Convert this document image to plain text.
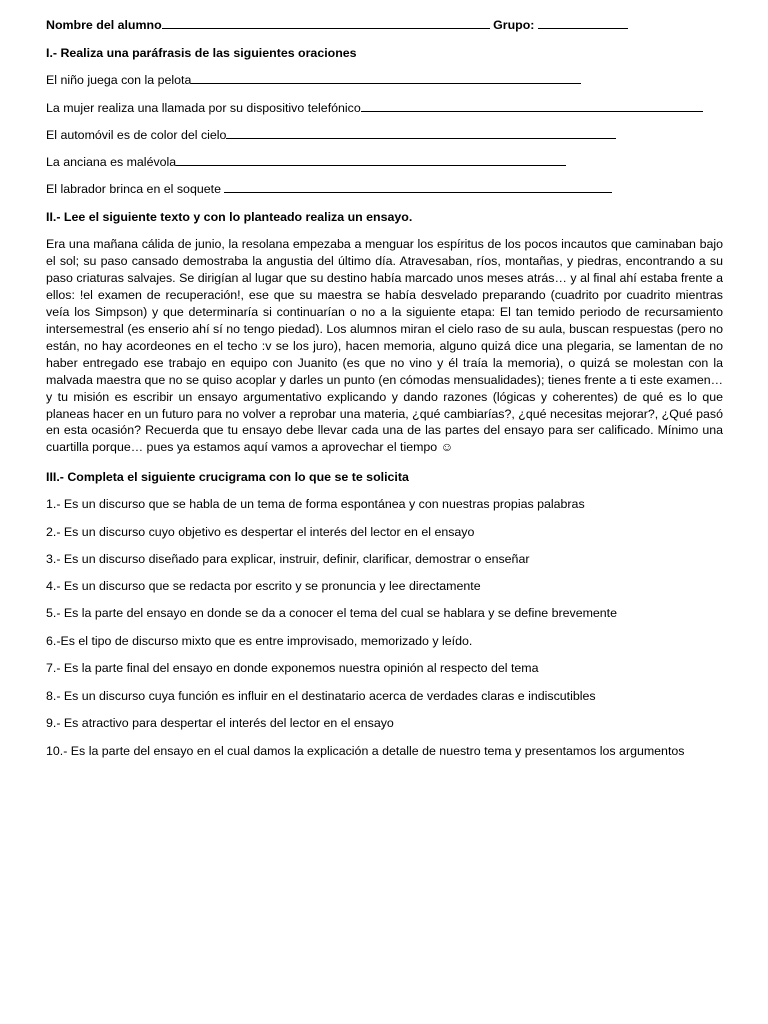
Nombre del alumno	Grupo:
I.- Realiza una paráfrasis de las siguientes oraciones
El niño juega con la pelota
La mujer realiza una llamada por su dispositivo telefónico
El automóvil es de color del cielo
La anciana es malévola
El labrador brinca en el soquete
II.- Lee el siguiente texto y con lo planteado realiza un ensayo.
Era una mañana cálida de junio, la resolana empezaba a menguar los espíritus de los pocos incautos que caminaban bajo el sol; su paso cansado demostraba la angustia del último día. Atravesaban, ríos, montañas, y piedras, encontrando a su paso criaturas salvajes. Se dirigían al lugar que su destino había marcado unos meses atrás… y al final ahí estaba frente a ellos: !el examen de recuperación!, ese que su maestra se había desvelado preparando (cuadrito por cuadrito mientras veía los Simpson) y que determinaría si continuarían o no a la siguiente etapa: El tan temido periodo de recursamiento intersemestral (es enserio ahí sí no tengo piedad). Los alumnos miran el cielo raso de su aula, buscan respuestas (pero no están, no hay acordeones en el techo :v se los juro), hacen memoria, alguno quizá dice una plegaria, se lamentan de no haber entregado ese trabajo en equipo con Juanito (es que no vino y él traía la memoria), o quizá se molestan con la malvada maestra que no se quiso acoplar y darles un punto (en cómodas mensualidades); tienes frente a ti este examen… y tu misión es escribir un ensayo argumentativo explicando y dando razones (lógicas y coherentes) de qué es lo que planeas hacer en un futuro para no volver a reprobar una materia, ¿qué cambiarías?, ¿qué necesitas mejorar?, ¿Qué pasó en esta ocasión? Recuerda que tu ensayo debe llevar cada una de las partes del ensayo para ser calificado. Mínimo una cuartilla porque… pues ya estamos aquí vamos a aprovechar el tiempo ☺
III.- Completa el siguiente crucigrama con lo que se te solicita
1.- Es un discurso que se habla de un tema de forma espontánea y con nuestras propias palabras
2.- Es un discurso cuyo objetivo es despertar el interés del lector en el ensayo
3.- Es un discurso diseñado para explicar, instruir, definir, clarificar, demostrar o enseñar
4.- Es un discurso que se redacta por escrito y se pronuncia y lee directamente
5.- Es la parte del ensayo en donde se da a conocer el tema del cual se hablara y se define brevemente
6.-Es el tipo de discurso mixto que es entre improvisado, memorizado y leído.
7.- Es la parte final del ensayo en donde exponemos nuestra opinión al respecto del tema
8.- Es un discurso cuya función es influir en el destinatario acerca de verdades claras e indiscutibles
9.- Es atractivo para despertar el interés del lector en el ensayo
10.- Es la parte del ensayo en el cual damos la explicación a detalle de nuestro tema y presentamos los argumentos
